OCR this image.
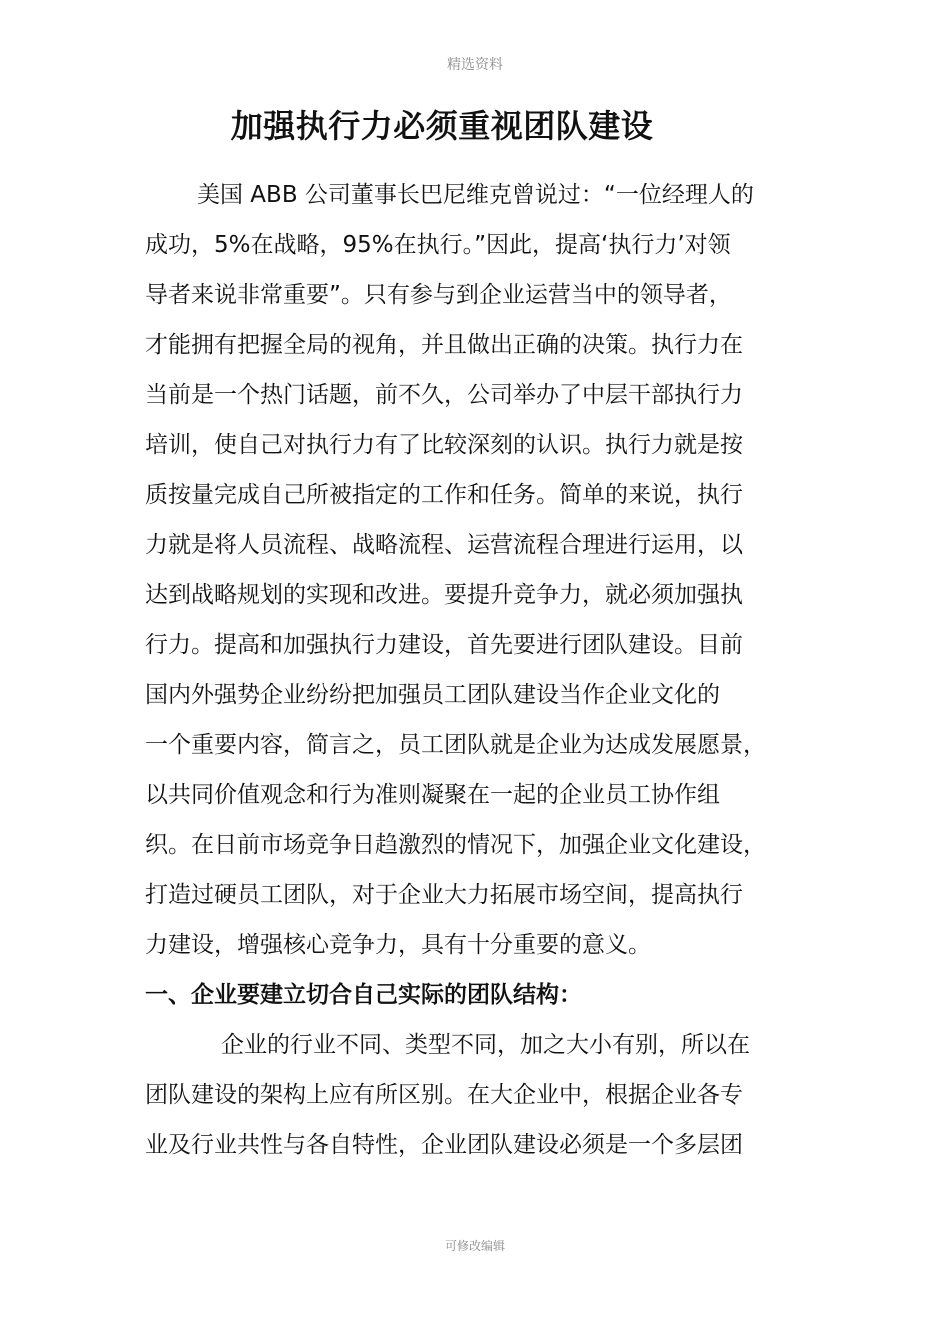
精选资料
加强执行力必须重视团队建设
美国 ABB 公司董事长巴尼维克曾说过：“一位经理人的
成功，5%在战略，95%在执行。”因此，提高‘执行力’对领
导者来说非常重要”。只有参与到企业运营当中的领导者，
才能拥有把握全局的视角，并且做出正确的决策。执行力在
当前是一个热门话题，前不久，公司举办了中层干部执行力
培训，使自己对执行力有了比较深刻的认识。执行力就是按
质按量完成自己所被指定的工作和任务。简单的来说，执行
力就是将人员流程、战略流程、运营流程合理进行运用，以
达到战略规划的实现和改进。要提升竞争力，就必须加强执
行力。提高和加强执行力建设，首先要进行团队建设。目前
国内外强势企业纷纷把加强员工团队建设当作企业文化的
一个重要内容，简言之，员工团队就是企业为达成发展愿景，
以共同价值观念和行为准则凝聚在一起的企业员工协作组
织。在日前市场竞争日趋激烈的情况下，加强企业文化建设，
打造过硬员工团队，对于企业大力拓展市场空间，提高执行
力建设，增强核心竞争力，具有十分重要的意义。
一、企业要建立切合自己实际的团队结构：
企业的行业不同、类型不同，加之大小有别，所以在
团队建设的架构上应有所区别。在大企业中，根据企业各专
业及行业共性与各自特性，企业团队建设必须是一个多层团
可修改编辑
